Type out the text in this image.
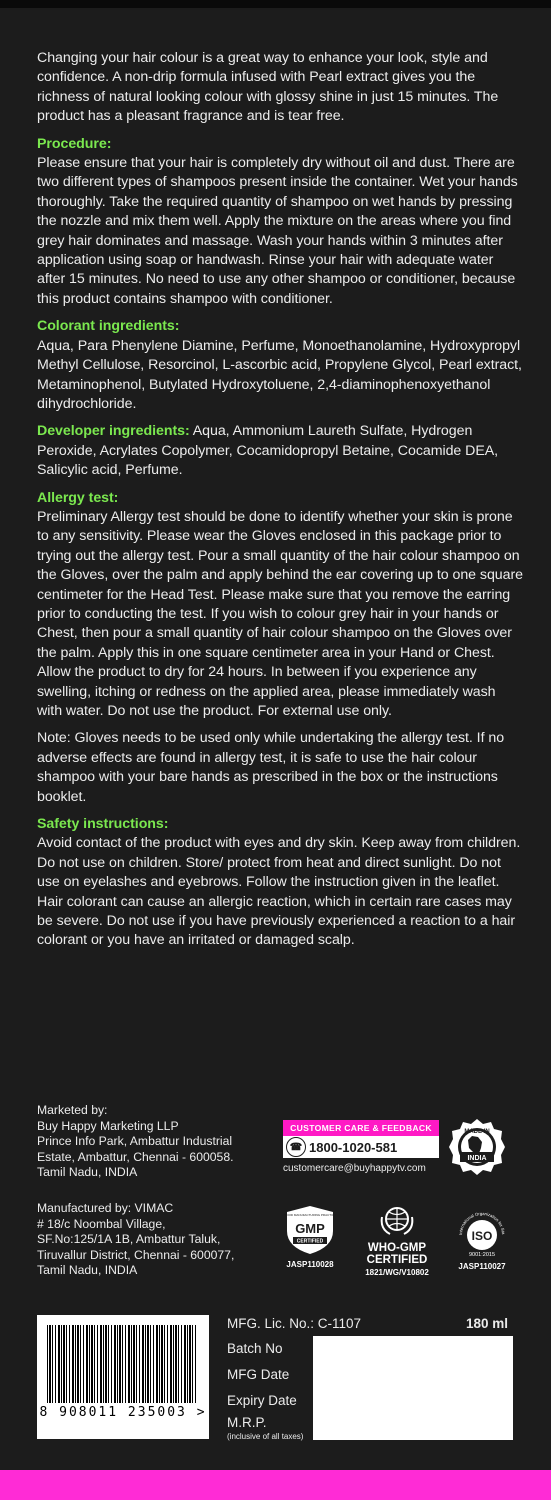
Changing your hair colour is a great way to enhance your look, style and confidence. A non-drip formula infused with Pearl extract gives you the richness of natural looking colour with glossy shine in just 15 minutes. The product has a pleasant fragrance and is tear free.

Procedure:
Please ensure that your hair is completely dry without oil and dust. There are two different types of shampoos present inside the container. Wet your hands thoroughly. Take the required quantity of shampoo on wet hands by pressing the nozzle and mix them well. Apply the mixture on the areas where you find grey hair dominates and massage. Wash your hands within 3 minutes after application using soap or handwash. Rinse your hair with adequate water after 15 minutes. No need to use any other shampoo or conditioner, because this product contains shampoo with conditioner.

Colorant ingredients:
Aqua, Para Phenylene Diamine, Perfume, Monoethanolamine, Hydroxypropyl Methyl Cellulose, Resorcinol, L-ascorbic acid, Propylene Glycol, Pearl extract, Metaminophenol, Butylated Hydroxytoluene, 2,4-diaminophenoxyethanol dihydrochloride.

Developer ingredients: Aqua, Ammonium Laureth Sulfate, Hydrogen Peroxide, Acrylates Copolymer, Cocamidopropyl Betaine, Cocamide DEA, Salicylic acid, Perfume.

Allergy test:
Preliminary Allergy test should be done to identify whether your skin is prone to any sensitivity. Please wear the Gloves enclosed in this package prior to trying out the allergy test. Pour a small quantity of the hair colour shampoo on the Gloves, over the palm and apply behind the ear covering up to one square centimeter for the Head Test. Please make sure that you remove the earring prior to conducting the test. If you wish to colour grey hair in your hands or Chest, then pour a small quantity of hair colour shampoo on the Gloves over the palm. Apply this in one square centimeter area in your Hand or Chest. Allow the product to dry for 24 hours. In between if you experience any swelling, itching or redness on the applied area, please immediately wash with water. Do not use the product. For external use only.

Note: Gloves needs to be used only while undertaking the allergy test. If no adverse effects are found in allergy test, it is safe to use the hair colour shampoo with your bare hands as prescribed in the box or the instructions booklet.

Safety instructions:
Avoid contact of the product with eyes and dry skin. Keep away from children. Do not use on children. Store/ protect from heat and direct sunlight. Do not use on eyelashes and eyebrows. Follow the instruction given in the leaflet. Hair colorant can cause an allergic reaction, which in certain rare cases may be severe. Do not use if you have previously experienced a reaction to a hair colorant or you have an irritated or damaged scalp.

Marketed by:
Buy Happy Marketing LLP
Prince Info Park, Ambattur Industrial
Estate, Ambattur, Chennai - 600058.
Tamil Nadu, INDIA
CUSTOMER CARE & FEEDBACK
☎ 1800-1020-581
customercare@buyhappytv.com
MADE IN
INDIA
Manufactured by: VIMAC
# 18/c Noombal Village,
SF.No:125/1A 1B, Ambattur Taluk,
Tiruvallur District, Chennai - 600077,
Tamil Nadu, INDIA
GOOD MANUFACTURING PRACTICE
GMP
CERTIFIED
JASP110028
WHO-GMP
CERTIFIED
1821/WG/V10802
International Organization for Sta
ISO
9001:2015
JASP110027
8 908011 235003 >
MFG. Lic. No.: C-1107	180 ml
Batch No
MFG Date
Expiry Date
M.R.P.
(inclusive of all taxes)
